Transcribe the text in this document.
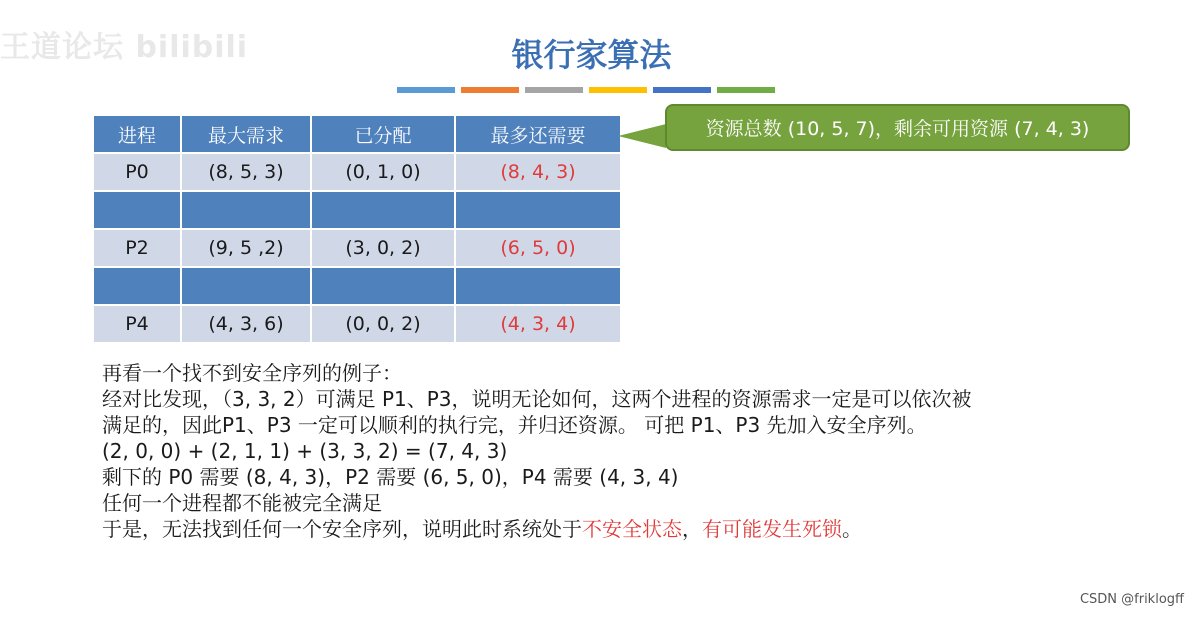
王道论坛 bilibili	银行家算法
进程	最大需求	已分配	最多还需要
P0	(8, 5, 3)	(0, 1, 0)	(8, 4, 3)

P2	(9, 5 ,2)	(3, 0, 2)	(6, 5, 0)

P4	(4, 3, 6)	(0, 0, 2)	(4, 3, 4)
资源总数 (10, 5, 7)，剩余可用资源 (7, 4, 3)

再看一个找不到安全序列的例子：

经对比发现，（3, 3, 2）可满足 P1、P3，说明无论如何，这两个进程的资源需求一定是可以依次被

满足的，因此P1、P3 一定可以顺利的执行完，并归还资源。 可把 P1、P3 先加入安全序列。

(2, 0, 0) + (2, 1, 1) + (3, 3, 2) = (7, 4, 3)

剩下的 P0 需要 (8, 4, 3)，P2 需要 (6, 5, 0)，P4 需要 (4, 3, 4)

任何一个进程都不能被完全满足

于是，无法找到任何一个安全序列，说明此时系统处于不安全状态，有可能发生死锁。

CSDN @friklogff
